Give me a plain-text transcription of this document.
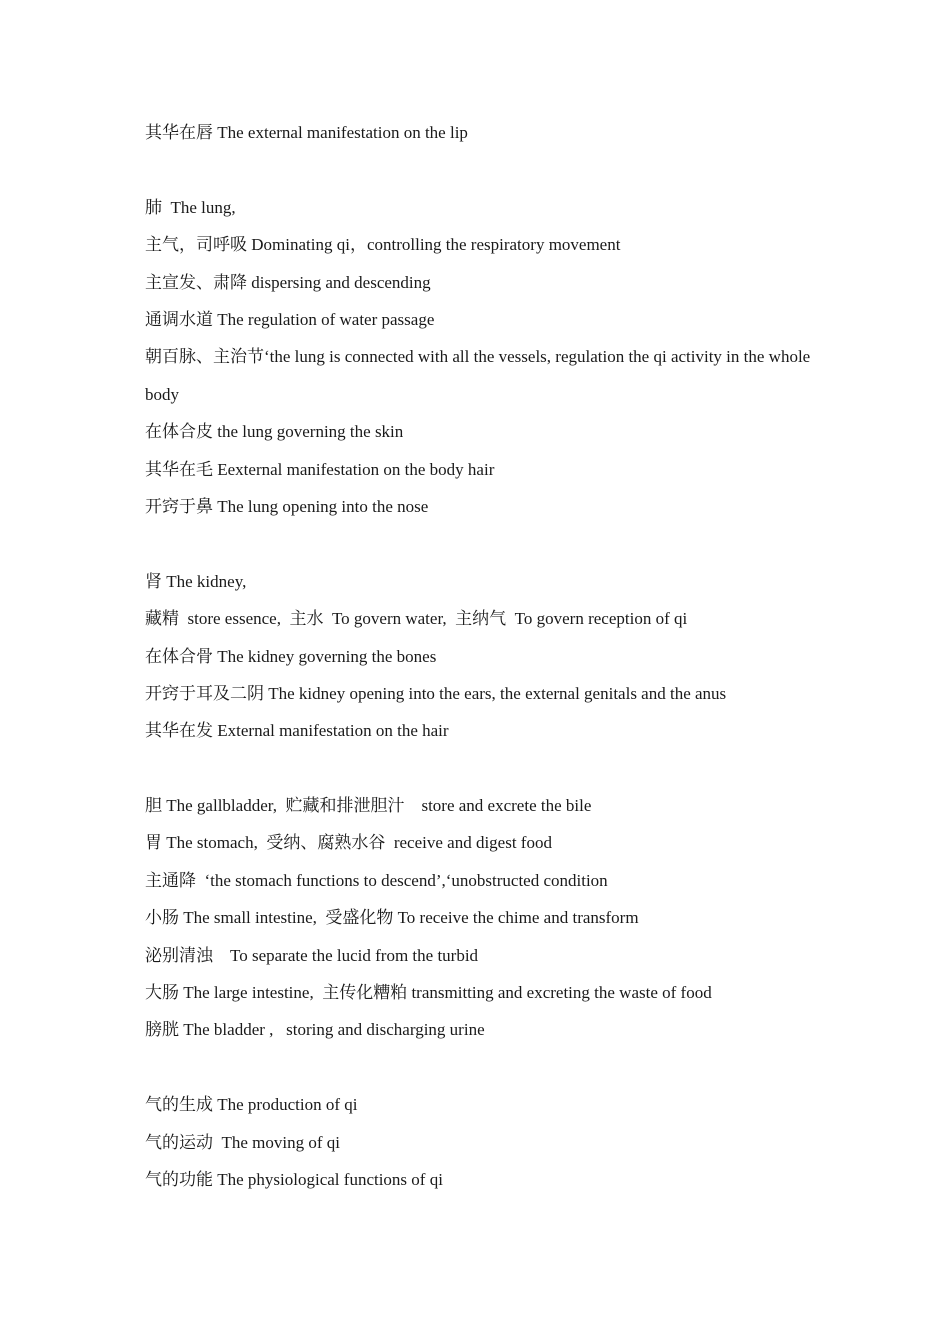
其华在唇 The external manifestation on the lip
肺  The lung,
主气，司呼吸 Dominating qi，controlling the respiratory movement
主宣发、肃降 dispersing and descending
通调水道 The regulation of water passage
朝百脉、主治节‘the lung is connected with all the vessels, regulation the qi activity in the whole body
在体合皮 the lung governing the skin
其华在毛 Eexternal manifestation on the body hair
开窍于鼻 The lung opening into the nose
肾 The kidney,
藏精  store essence,  主水  To govern water,  主纳气  To govern reception of qi
在体合骨 The kidney governing the bones
开窍于耳及二阴 The kidney opening into the ears, the external genitals and the anus
其华在发 External manifestation on the hair
胆 The gallbladder,  贮藏和排泄胆汁    store and excrete the bile
胃 The stomach,  受纳、腐熟水谷  receive and digest food
主通降  ‘the stomach functions to descend’,‘unobstructed condition
小肠 The small intestine,  受盛化物 To receive the chime and transform
泌别清浊    To separate the lucid from the turbid
大肠 The large intestine,  主传化糟粕 transmitting and excreting the waste of food
膀胱 The bladder ,   storing and discharging urine
气的生成 The production of qi
气的运动  The moving of qi
气的功能 The physiological functions of qi
